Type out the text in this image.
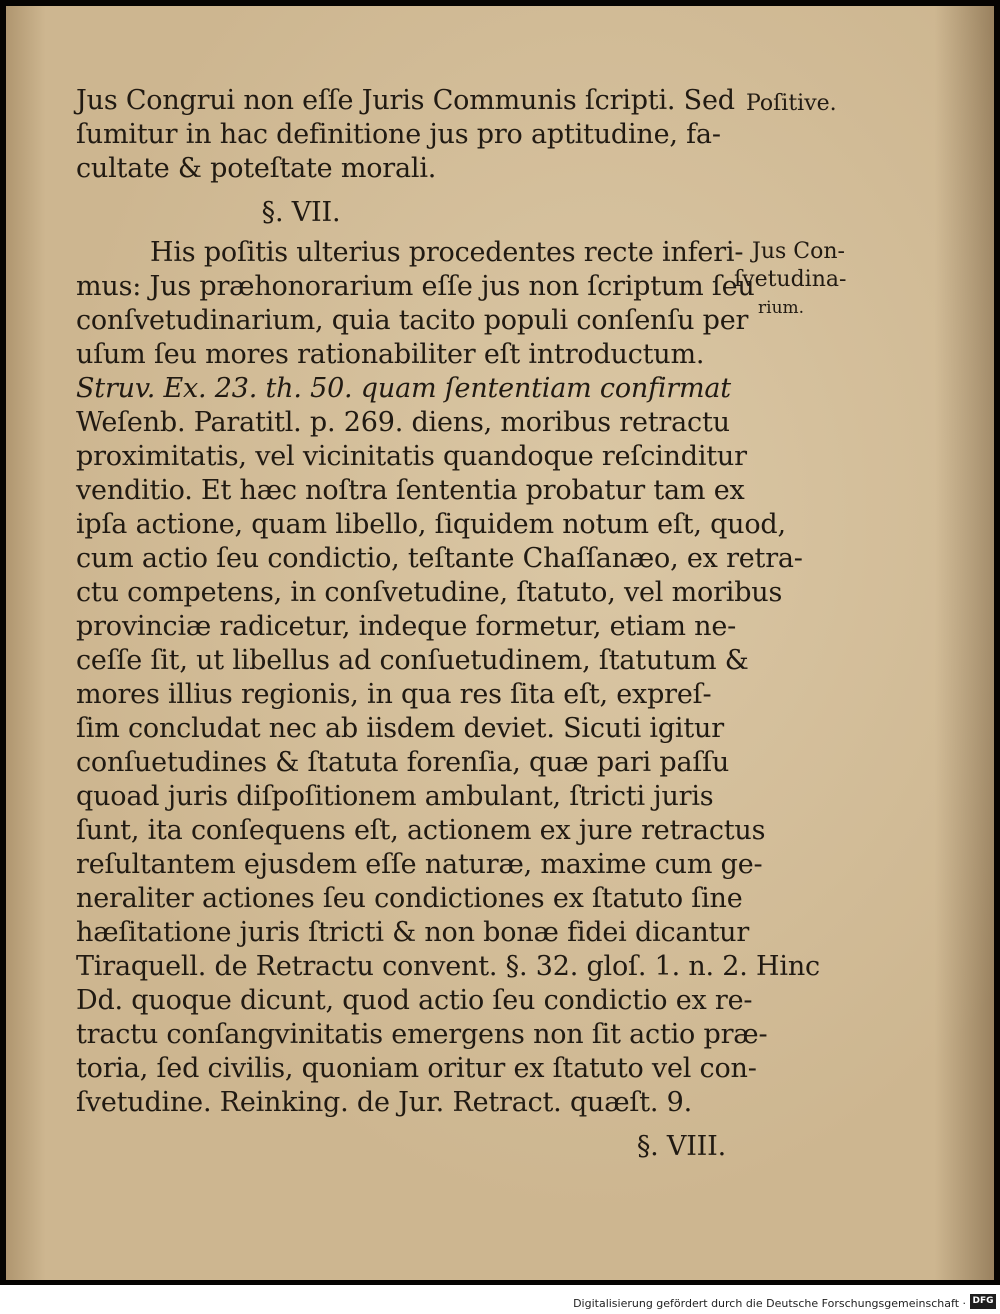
Jus Congrui non eſſe Juris Communis ſcripti. Sed
ſumitur in hac definitione jus pro aptitudine, fa-
cultate & poteſtate morali.
§. VII.
His poſitis ulterius procedentes recte inferi-
mus: Jus præhonorarium eſſe jus non ſcriptum ſeu
conſvetudinarium, quia tacito populi conſenſu per
uſum ſeu mores rationabiliter eſt introductum.
Struv. Ex. 23. th. 50. quam ſententiam confirmat
Weſenb. Paratitl. p. 269. diens, moribus retractu
proximitatis, vel vicinitatis quandoque reſcinditur
venditio. Et hæc noſtra ſententia probatur tam ex
ipſa actione, quam libello, ſiquidem notum eſt, quod,
cum actio ſeu condictio, teſtante Chaſſanæo, ex retra-
ctu competens, in conſvetudine, ſtatuto, vel moribus
provinciæ radicetur, indeque formetur, etiam ne-
ceſſe ſit, ut libellus ad conſuetudinem, ſtatutum &
mores illius regionis, in qua res ſita eſt, expreſ-
ſim concludat nec ab iisdem deviet. Sicuti igitur
conſuetudines & ſtatuta forenſia, quæ pari paſſu
quoad juris diſpoſitionem ambulant, ſtricti juris
ſunt, ita conſequens eſt, actionem ex jure retractus
reſultantem ejusdem eſſe naturæ, maxime cum ge-
neraliter actiones ſeu condictiones ex ſtatuto ſine
hæſitatione juris ſtricti & non bonæ fidei dicantur
Tiraquell. de Retractu convent. §. 32. gloſ. 1. n. 2. Hinc
Dd. quoque dicunt, quod actio ſeu condictio ex re-
tractu conſangvinitatis emergens non ſit actio præ-
toria, ſed civilis, quoniam oritur ex ſtatuto vel con-
ſvetudine. Reinking. de Jur. Retract. quæſt. 9.
§. VIII.
Poſitive.
Jus Con-
ſvetudina-
rium.
Digitalisierung gefördert durch die Deutsche Forschungsgemeinschaft · DFG
